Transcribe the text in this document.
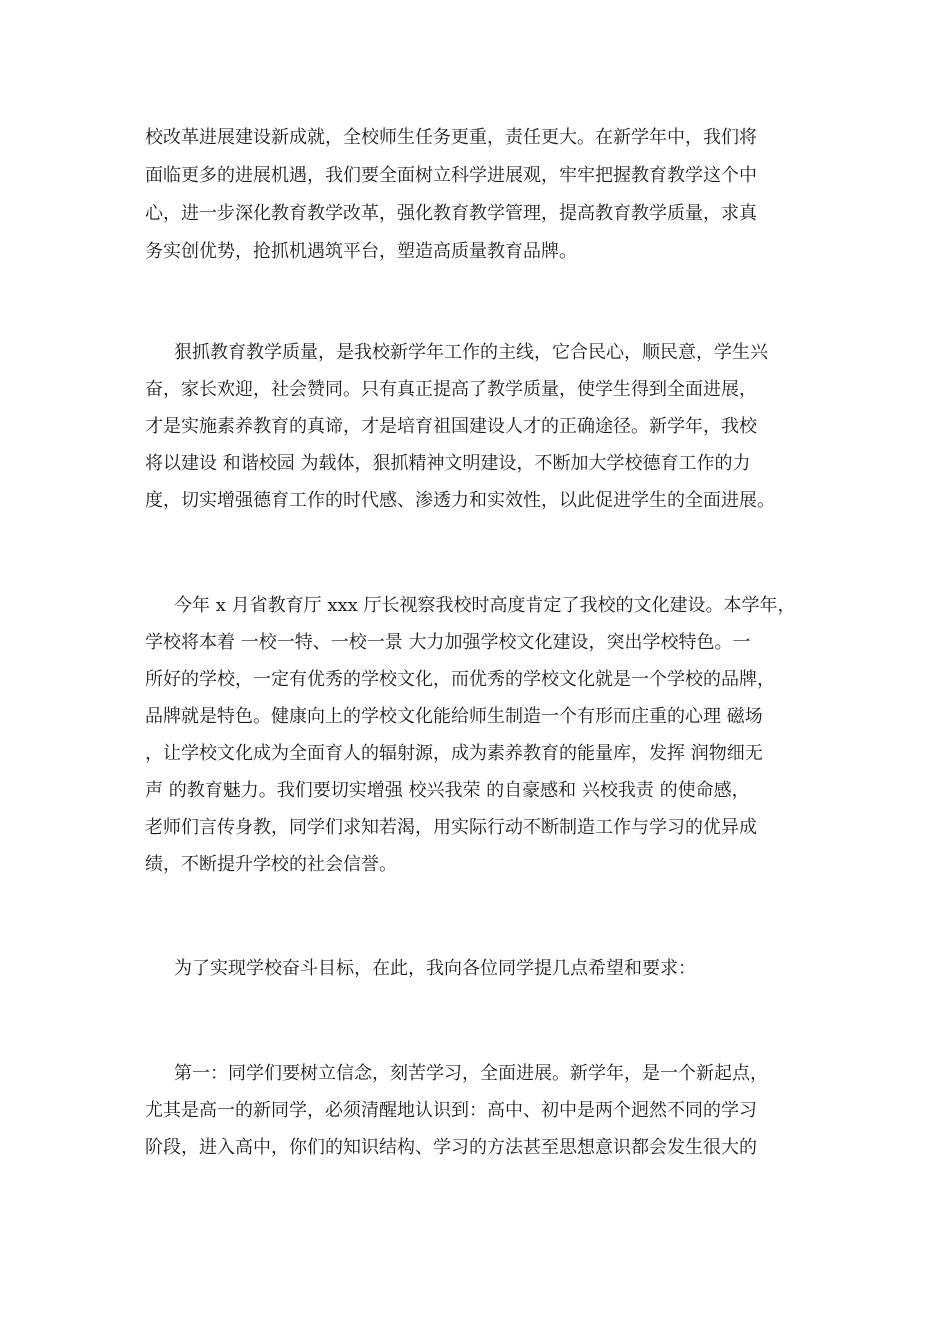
校改革进展建设新成就，全校师生任务更重，责任更大。在新学年中，我们将
面临更多的进展机遇，我们要全面树立科学进展观，牢牢把握教育教学这个中
心，进一步深化教育教学改革，强化教育教学管理，提高教育教学质量，求真
务实创优势，抢抓机遇筑平台，塑造高质量教育品牌。
狠抓教育教学质量，是我校新学年工作的主线，它合民心，顺民意，学生兴
奋，家长欢迎，社会赞同。只有真正提高了教学质量，使学生得到全面进展，
才是实施素养教育的真谛，才是培育祖国建设人才的正确途径。新学年，我校
将以建设 和谐校园 为载体，狠抓精神文明建设，不断加大学校德育工作的力
度，切实增强德育工作的时代感、渗透力和实效性，以此促进学生的全面进展。
今年 x 月省教育厅 xxx 厅长视察我校时高度肯定了我校的文化建设。本学年，
学校将本着 一校一特、一校一景 大力加强学校文化建设，突出学校特色。一
所好的学校，一定有优秀的学校文化，而优秀的学校文化就是一个学校的品牌，
品牌就是特色。健康向上的学校文化能给师生制造一个有形而庄重的心理 磁场
，让学校文化成为全面育人的辐射源，成为素养教育的能量库，发挥 润物细无
声 的教育魅力。我们要切实增强 校兴我荣 的自豪感和 兴校我责 的使命感，
老师们言传身教，同学们求知若渴，用实际行动不断制造工作与学习的优异成
绩，不断提升学校的社会信誉。
为了实现学校奋斗目标，在此，我向各位同学提几点希望和要求：
第一：同学们要树立信念，刻苦学习，全面进展。新学年，是一个新起点，
尤其是高一的新同学，必须清醒地认识到：高中、初中是两个迥然不同的学习
阶段，进入高中，你们的知识结构、学习的方法甚至思想意识都会发生很大的
